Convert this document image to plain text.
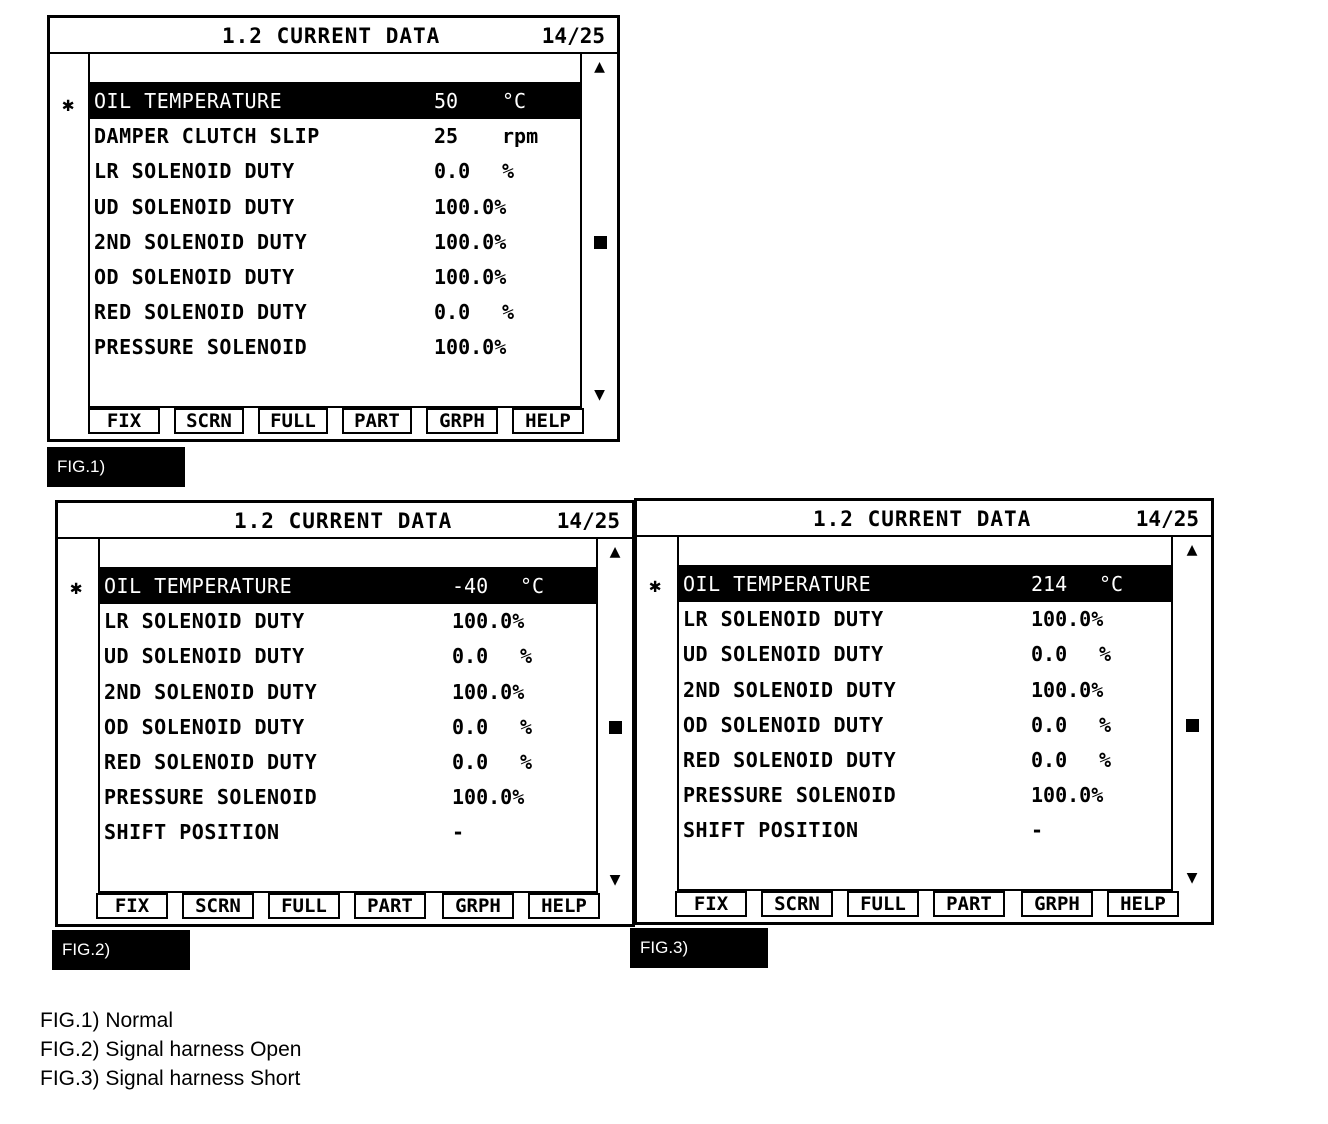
1.2 CURRENT DATA	14/25
✱ OIL TEMPERATURE	50 °C
DAMPER CLUTCH SLIP	25 rpm
LR SOLENOID DUTY	0.0 %
UD SOLENOID DUTY	100.0%
2ND SOLENOID DUTY	100.0%
OD SOLENOID DUTY	100.0%
RED SOLENOID DUTY	0.0 %
PRESSURE SOLENOID	100.0%
▲
▼
FIX	SCRN	FULL	PART	GRPH	HELP
FIG.1)
1.2 CURRENT DATA	14/25
✱ OIL TEMPERATURE	-40 °C
LR SOLENOID DUTY	100.0%
UD SOLENOID DUTY	0.0 %
2ND SOLENOID DUTY	100.0%
OD SOLENOID DUTY	0.0 %
RED SOLENOID DUTY	0.0 %
PRESSURE SOLENOID	100.0%
SHIFT POSITION	-
▲
▼
FIX	SCRN	FULL	PART	GRPH	HELP
FIG.2)
1.2 CURRENT DATA	14/25
✱ OIL TEMPERATURE	214 °C
LR SOLENOID DUTY	100.0%
UD SOLENOID DUTY	0.0 %
2ND SOLENOID DUTY	100.0%
OD SOLENOID DUTY	0.0 %
RED SOLENOID DUTY	0.0 %
PRESSURE SOLENOID	100.0%
SHIFT POSITION	-
▲
▼
FIX	SCRN	FULL	PART	GRPH	HELP
FIG.3)
FIG.1) Normal
FIG.2) Signal harness Open
FIG.3) Signal harness Short
